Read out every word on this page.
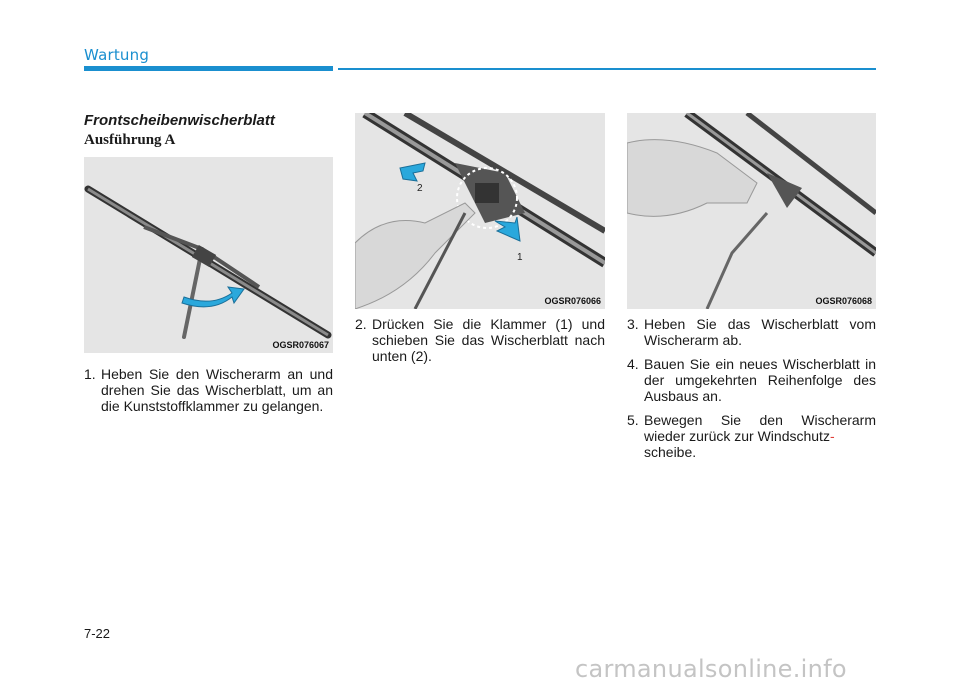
Wartung

Frontscheibenwischerblatt
Ausführung A
OGSR076067
2
1
OGSR076066	OGSR076068
1. Heben Sie den Wischerarm an und drehen Sie das Wischerblatt, um an die Kunststoffklammer zu gelangen.
2. Drücken Sie die Klammer (1) und schieben Sie das Wischerblatt nach unten (2).
3. Heben Sie das Wischerblatt vom Wischerarm ab.
4. Bauen Sie ein neues Wischerblatt in der umgekehrten Reihenfolge des Ausbaus an.
5. Bewegen Sie den Wischerarm wieder zurück zur Windschutz-
scheibe.

7-22

carmanualsonline.info
